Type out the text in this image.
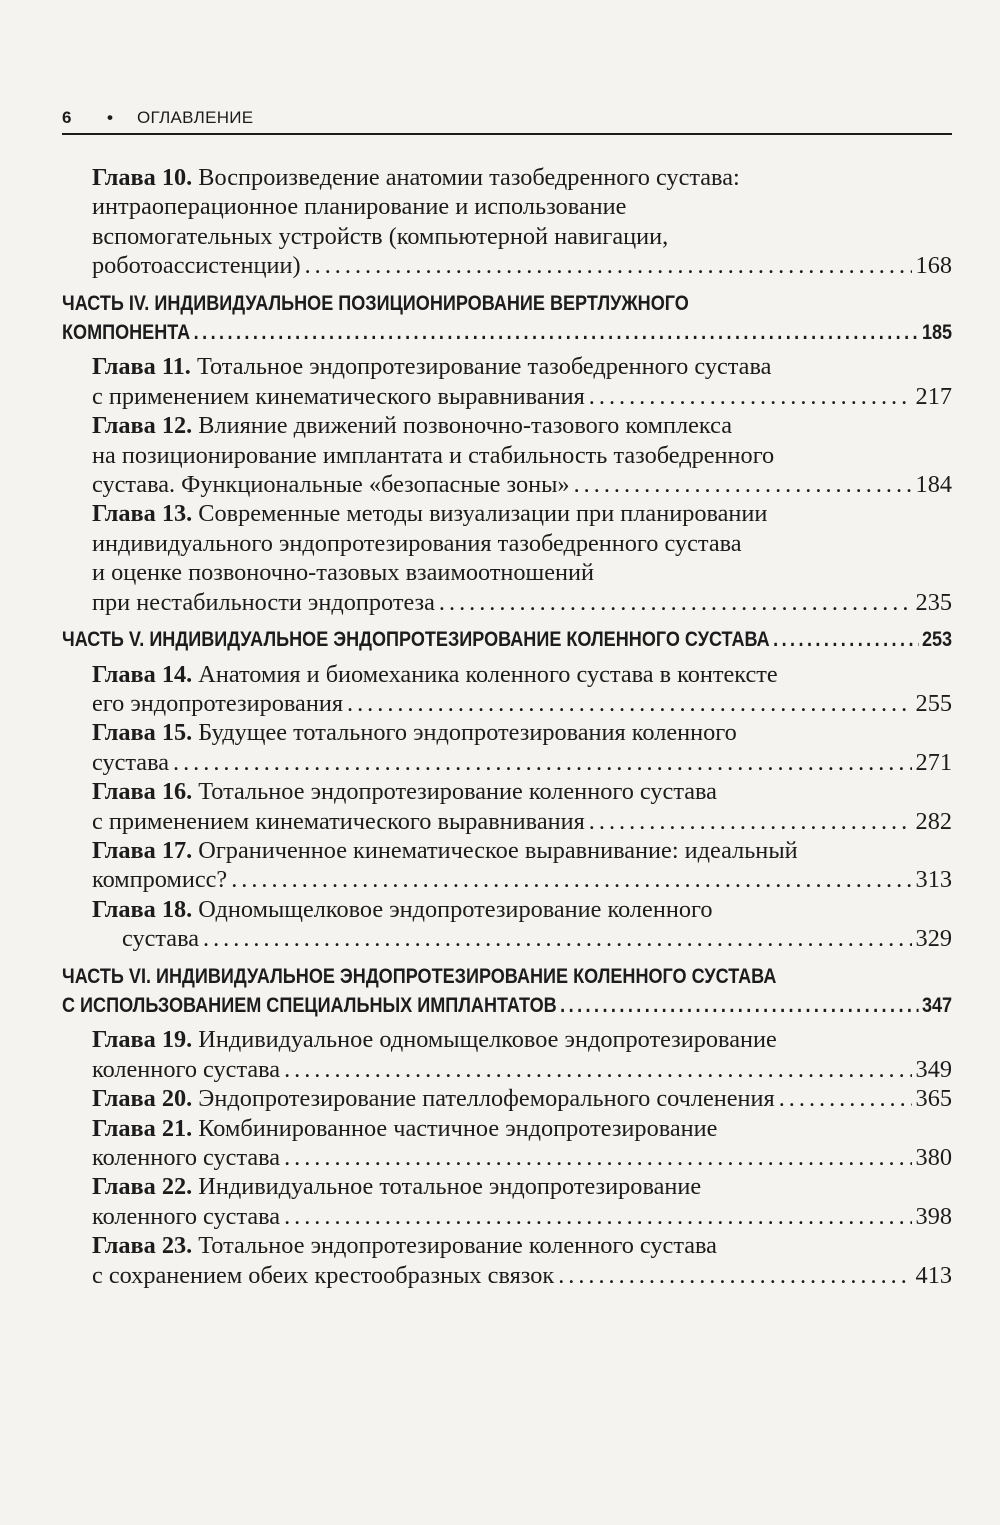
6 • ОГЛАВЛЕНИЕ
Глава 10. Воспроизведение анатомии тазобедренного сустава:
интраоперационное планирование и использование
вспомогательных устройств (компьютерной навигации,
роботоассистенции) .....	168
ЧАСТЬ IV. ИНДИВИДУАЛЬНОЕ ПОЗИЦИОНИРОВАНИЕ ВЕРТЛУЖНОГО
КОМПОНЕНТА .....	185
Глава 11. Тотальное эндопротезирование тазобедренного сустава
с применением кинематического выравнивания .....	217
Глава 12. Влияние движений позвоночно-тазового комплекса
на позиционирование имплантата и стабильность тазобедренного
сустава. Функциональные «безопасные зоны» .....	184
Глава 13. Современные методы визуализации при планировании
индивидуального эндопротезирования тазобедренного сустава
и оценке позвоночно-тазовых взаимоотношений
при нестабильности эндопротеза .....	235
ЧАСТЬ V. ИНДИВИДУАЛЬНОЕ ЭНДОПРОТЕЗИРОВАНИЕ КОЛЕННОГО СУСТАВА .....	253
Глава 14. Анатомия и биомеханика коленного сустава в контексте
его эндопротезирования .....	255
Глава 15. Будущее тотального эндопротезирования коленного
сустава .....	271
Глава 16. Тотальное эндопротезирование коленного сустава
с применением кинематического выравнивания .....	282
Глава 17. Ограниченное кинематическое выравнивание: идеальный
компромисс? .....	313
Глава 18. Одномыщелковое эндопротезирование коленного
сустава .....	329
ЧАСТЬ VI. ИНДИВИДУАЛЬНОЕ ЭНДОПРОТЕЗИРОВАНИЕ КОЛЕННОГО СУСТАВА
С ИСПОЛЬЗОВАНИЕМ СПЕЦИАЛЬНЫХ ИМПЛАНТАТОВ .....	347
Глава 19. Индивидуальное одномыщелковое эндопротезирование
коленного сустава .....	349
Глава 20. Эндопротезирование пателлофеморального сочленения .....	365
Глава 21. Комбинированное частичное эндопротезирование
коленного сустава .....	380
Глава 22. Индивидуальное тотальное эндопротезирование
коленного сустава .....	398
Глава 23. Тотальное эндопротезирование коленного сустава
с сохранением обеих крестообразных связок .....	413
